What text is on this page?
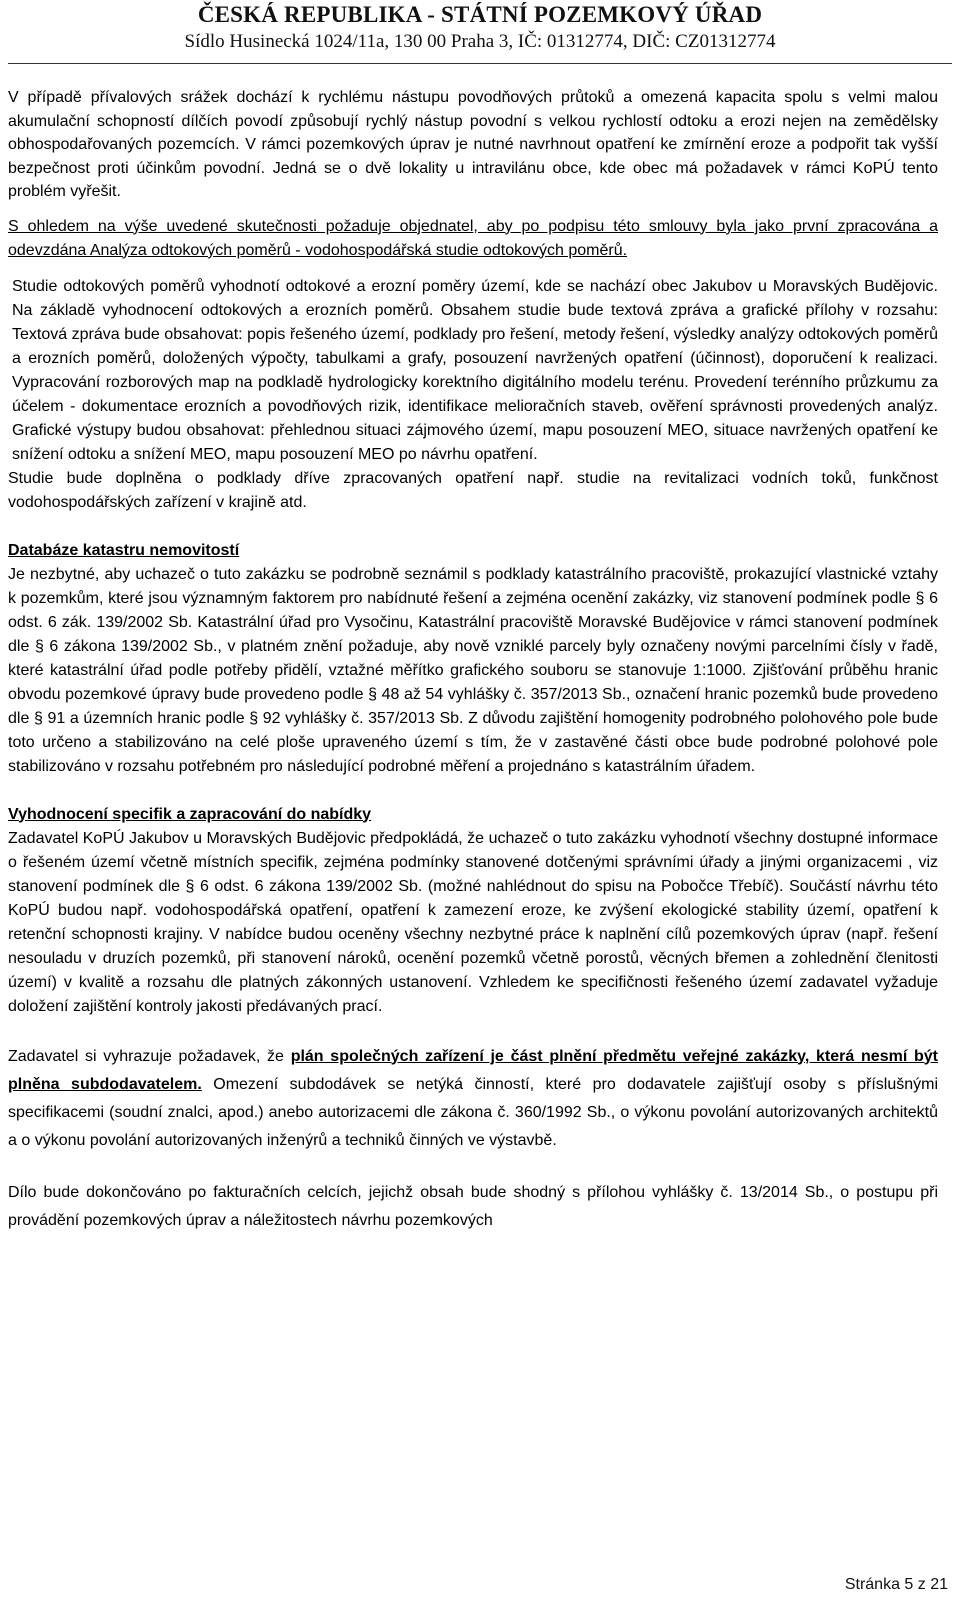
ČESKÁ REPUBLIKA - STÁTNÍ POZEMKOVÝ ÚŘAD
Sídlo Husinecká 1024/11a, 130 00 Praha 3, IČ: 01312774, DIČ: CZ01312774

V případě přívalových srážek dochází k rychlému nástupu povodňových průtoků a omezená kapacita spolu s velmi malou akumulační schopností dílčích povodí způsobují rychlý nástup povodní s velkou rychlostí odtoku a erozi nejen na zemědělsky obhospodařovaných pozemcích. V rámci pozemkových úprav je nutné navrhnout opatření ke zmírnění eroze a podpořit tak vyšší bezpečnost proti účinkům povodní. Jedná se o dvě lokality u intravilánu obce, kde obec má požadavek v rámci KoPÚ tento problém vyřešit.

S ohledem na výše uvedené skutečnosti požaduje objednatel, aby po podpisu této smlouvy byla jako první zpracována a odevzdána Analýza odtokových poměrů - vodohospodářská studie odtokových poměrů.

Studie odtokových poměrů vyhodnotí odtokové a erozní poměry území, kde se nachází obec Jakubov u Moravských Budějovic. Na základě vyhodnocení odtokových a erozních poměrů. Obsahem studie bude textová zpráva a grafické přílohy v rozsahu: Textová zpráva bude obsahovat: popis řešeného území, podklady pro řešení, metody řešení, výsledky analýzy odtokových poměrů a erozních poměrů, doložených výpočty, tabulkami a grafy, posouzení navržených opatření (účinnost), doporučení k realizaci. Vypracování rozborových map na podkladě hydrologicky korektního digitálního modelu terénu. Provedení terénního průzkumu za účelem - dokumentace erozních a povodňových rizik, identifikace melioračních staveb, ověření správnosti provedených analýz. Grafické výstupy budou obsahovat: přehlednou situaci zájmového území, mapu posouzení MEO, situace navržených opatření ke snížení odtoku a snížení MEO, mapu posouzení MEO po návrhu opatření.

Studie bude doplněna o podklady dříve zpracovaných opatření např. studie na revitalizaci vodních toků, funkčnost vodohospodářských zařízení v krajině atd.

Databáze katastru nemovitostí

Je nezbytné, aby uchazeč o tuto zakázku se podrobně seznámil s podklady katastrálního pracoviště, prokazující vlastnické vztahy k pozemkům, které jsou významným faktorem pro nabídnuté řešení a zejména ocenění zakázky, viz stanovení podmínek podle § 6 odst. 6 zák. 139/2002 Sb. Katastrální úřad pro Vysočinu, Katastrální pracoviště Moravské Budějovice v rámci stanovení podmínek dle § 6 zákona 139/2002 Sb., v platném znění požaduje, aby nově vzniklé parcely byly označeny novými parcelními čísly v řadě, které katastrální úřad podle potřeby přidělí, vztažné měřítko grafického souboru se stanovuje 1:1000. Zjišťování průběhu hranic obvodu pozemkové úpravy bude provedeno podle § 48 až 54 vyhlášky č. 357/2013 Sb., označení hranic pozemků bude provedeno dle § 91 a územních hranic podle § 92 vyhlášky č. 357/2013 Sb. Z důvodu zajištění homogenity podrobného polohového pole bude toto určeno a stabilizováno na celé ploše upraveného území s tím, že v zastavěné části obce bude podrobné polohové pole stabilizováno v rozsahu potřebném pro následující podrobné měření a projednáno s katastrálním úřadem.

Vyhodnocení specifik a zapracování do nabídky

Zadavatel KoPÚ Jakubov u Moravských Budějovic předpokládá, že uchazeč o tuto zakázku vyhodnotí všechny dostupné informace o řešeném území včetně místních specifik, zejména podmínky stanovené dotčenými správními úřady a jinými organizacemi , viz stanovení podmínek dle § 6 odst. 6 zákona 139/2002 Sb. (možné nahlédnout do spisu na Pobočce Třebíč). Součástí návrhu této KoPÚ budou např. vodohospodářská opatření, opatření k zamezení eroze, ke zvýšení ekologické stability území, opatření k retenční schopnosti krajiny. V nabídce budou oceněny všechny nezbytné práce k naplnění cílů pozemkových úprav (např. řešení nesouladu v druzích pozemků, při stanovení nároků, ocenění pozemků včetně porostů, věcných břemen a zohlednění členitosti území) v kvalitě a rozsahu dle platných zákonných ustanovení. Vzhledem ke specifičnosti řešeného území zadavatel vyžaduje doložení zajištění kontroly jakosti předávaných prací.

Zadavatel si vyhrazuje požadavek, že plán společných zařízení je část plnění předmětu veřejné zakázky, která nesmí být plněna subdodavatelem. Omezení subdodávek se netýká činností, které pro dodavatele zajišťují osoby s příslušnými specifikacemi (soudní znalci, apod.) anebo autorizacemi dle zákona č. 360/1992 Sb., o výkonu povolání autorizovaných architektů a o výkonu povolání autorizovaných inženýrů a techniků činných ve výstavbě.

Dílo bude dokončováno po fakturačních celcích, jejichž obsah bude shodný s přílohou vyhlášky č. 13/2014 Sb., o postupu při provádění pozemkových úprav a náležitostech návrhu pozemkových

Stránka 5 z 21
